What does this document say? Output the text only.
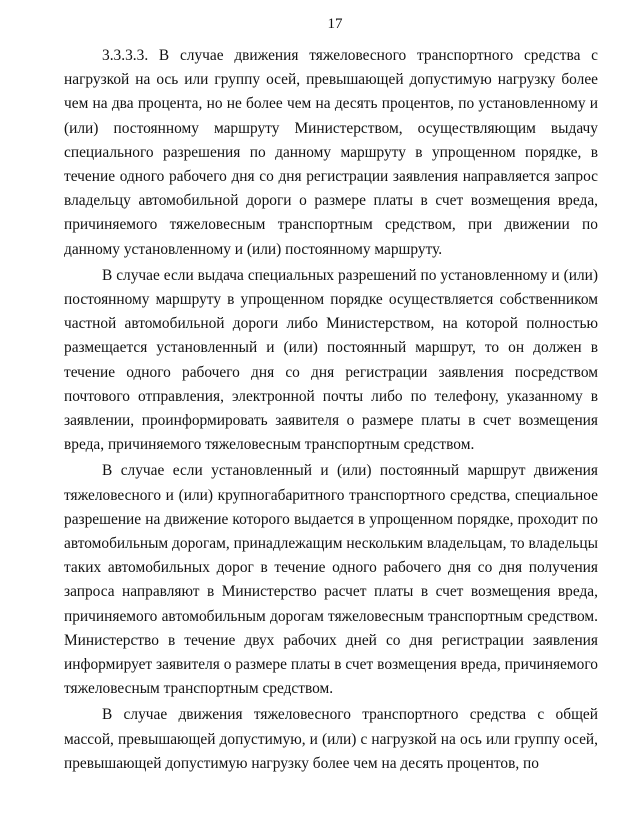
17

3.3.3.3. В случае движения тяжеловесного транспортного средства с нагрузкой на ось или группу осей, превышающей допустимую нагрузку более чем на два процента, но не более чем на десять процентов, по установленному и (или) постоянному маршруту Министерством, осуществляющим выдачу специального разрешения по данному маршруту в упрощенном порядке, в течение одного рабочего дня со дня регистрации заявления направляется запрос владельцу автомобильной дороги о размере платы в счет возмещения вреда, причиняемого тяжеловесным транспортным средством, при движении по данному установленному и (или) постоянному маршруту.

В случае если выдача специальных разрешений по установленному и (или) постоянному маршруту в упрощенном порядке осуществляется собственником частной автомобильной дороги либо Министерством, на которой полностью размещается установленный и (или) постоянный маршрут, то он должен в течение одного рабочего дня со дня регистрации заявления посредством почтового отправления, электронной почты либо по телефону, указанному в заявлении, проинформировать заявителя о размере платы в счет возмещения вреда, причиняемого тяжеловесным транспортным средством.

В случае если установленный и (или) постоянный маршрут движения тяжеловесного и (или) крупногабаритного транспортного средства, специальное разрешение на движение которого выдается в упрощенном порядке, проходит по автомобильным дорогам, принадлежащим нескольким владельцам, то владельцы таких автомобильных дорог в течение одного рабочего дня со дня получения запроса направляют в Министерство расчет платы в счет возмещения вреда, причиняемого автомобильным дорогам тяжеловесным транспортным средством. Министерство в течение двух рабочих дней со дня регистрации заявления информирует заявителя о размере платы в счет возмещения вреда, причиняемого тяжеловесным транспортным средством.

В случае движения тяжеловесного транспортного средства с общей массой, превышающей допустимую, и (или) с нагрузкой на ось или группу осей, превышающей допустимую нагрузку более чем на десять процентов, по
